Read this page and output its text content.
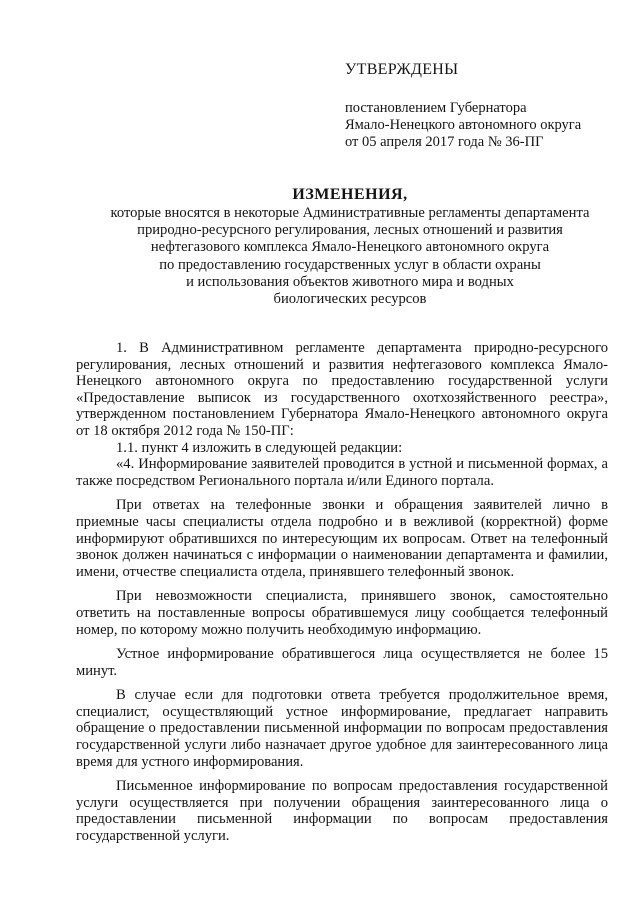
УТВЕРЖДЕНЫ
постановлением Губернатора
Ямало-Ненецкого автономного округа
от 05 апреля 2017 года № 36-ПГ
ИЗМЕНЕНИЯ,
которые вносятся в некоторые Административные регламенты департамента
природно-ресурсного регулирования, лесных отношений и развития
нефтегазового комплекса Ямало-Ненецкого автономного округа
по предоставлению государственных услуг в области охраны
и использования объектов животного мира и водных
биологических ресурсов

1. В Административном регламенте департамента природно-ресурсного регулирования, лесных отношений и развития нефтегазового комплекса Ямало-Ненецкого автономного округа по предоставлению государственной услуги «Предоставление выписок из государственного охотхозяйственного реестра», утвержденном постановлением Губернатора Ямало-Ненецкого автономного округа от 18 октября 2012 года № 150-ПГ:

1.1. пункт 4 изложить в следующей редакции:

«4. Информирование заявителей проводится в устной и письменной формах, а также посредством Регионального портала и/или Единого портала.

При ответах на телефонные звонки и обращения заявителей лично в приемные часы специалисты отдела подробно и в вежливой (корректной) форме информируют обратившихся по интересующим их вопросам. Ответ на телефонный звонок должен начинаться с информации о наименовании департамента и фамилии, имени, отчестве специалиста отдела, принявшего телефонный звонок.

При невозможности специалиста, принявшего звонок, самостоятельно ответить на поставленные вопросы обратившемуся лицу сообщается телефонный номер, по которому можно получить необходимую информацию.

Устное информирование обратившегося лица осуществляется не более 15 минут.

В случае если для подготовки ответа требуется продолжительное время, специалист, осуществляющий устное информирование, предлагает направить обращение о предоставлении письменной информации по вопросам предоставления государственной услуги либо назначает другое удобное для заинтересованного лица время для устного информирования.

Письменное информирование по вопросам предоставления государственной услуги осуществляется при получении обращения заинтересованного лица о предоставлении письменной информации по вопросам предоставления государственной услуги.
